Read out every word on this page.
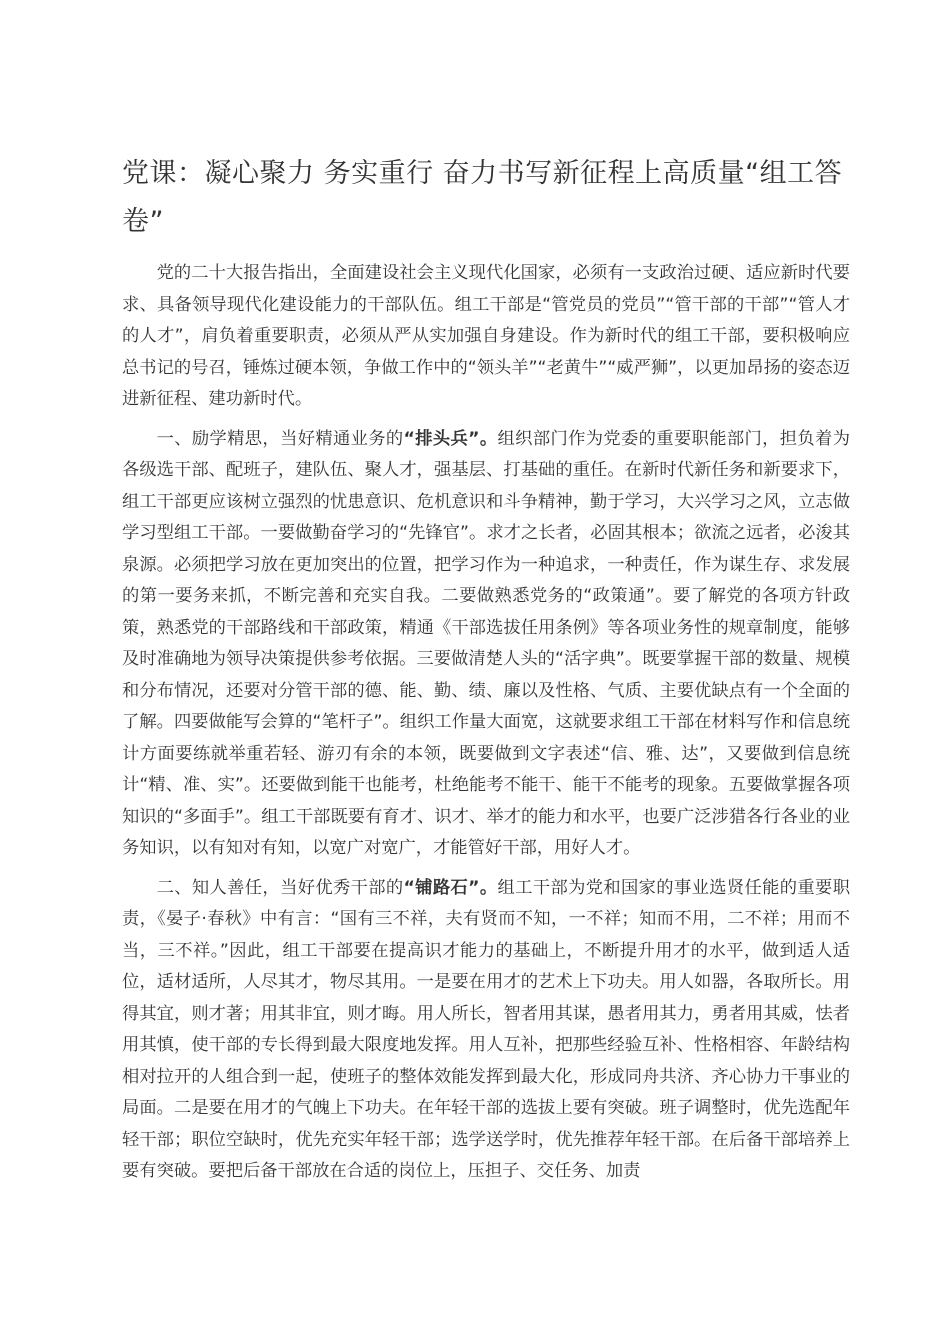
党课：凝心聚力 务实重行 奋力书写新征程上高质量“组工答卷”

党的二十大报告指出，全面建设社会主义现代化国家，必须有一支政治过硬、适应新时代要求、具备领导现代化建设能力的干部队伍。组工干部是“管党员的党员”“管干部的干部”“管人才的人才”，肩负着重要职责，必须从严从实加强自身建设。作为新时代的组工干部，要积极响应总书记的号召，锤炼过硬本领，争做工作中的“领头羊”“老黄牛”“威严狮”，以更加昂扬的姿态迈进新征程、建功新时代。

一、励学精思，当好精通业务的“排头兵”。组织部门作为党委的重要职能部门，担负着为各级选干部、配班子，建队伍、聚人才，强基层、打基础的重任。在新时代新任务和新要求下，组工干部更应该树立强烈的忧患意识、危机意识和斗争精神，勤于学习，大兴学习之风，立志做学习型组工干部。一要做勤奋学习的“先锋官”。求才之长者，必固其根本；欲流之远者，必浚其泉源。必须把学习放在更加突出的位置，把学习作为一种追求，一种责任，作为谋生存、求发展的第一要务来抓，不断完善和充实自我。二要做熟悉党务的“政策通”。要了解党的各项方针政策，熟悉党的干部路线和干部政策，精通《干部选拔任用条例》等各项业务性的规章制度，能够及时准确地为领导决策提供参考依据。三要做清楚人头的“活字典”。既要掌握干部的数量、规模和分布情况，还要对分管干部的德、能、勤、绩、廉以及性格、气质、主要优缺点有一个全面的了解。四要做能写会算的“笔杆子”。组织工作量大面宽，这就要求组工干部在材料写作和信息统计方面要练就举重若轻、游刃有余的本领，既要做到文字表述“信、雅、达”，又要做到信息统计“精、准、实”。还要做到能干也能考，杜绝能考不能干、能干不能考的现象。五要做掌握各项知识的“多面手”。组工干部既要有育才、识才、举才的能力和水平，也要广泛涉猎各行各业的业务知识，以有知对有知，以宽广对宽广，才能管好干部，用好人才。

二、知人善任，当好优秀干部的“铺路石”。组工干部为党和国家的事业选贤任能的重要职责，《晏子·春秋》中有言：“国有三不祥，夫有贤而不知，一不祥；知而不用，二不祥；用而不当，三不祥。”因此，组工干部要在提高识才能力的基础上，不断提升用才的水平，做到适人适位，适材适所，人尽其才，物尽其用。一是要在用才的艺术上下功夫。用人如器，各取所长。用得其宜，则才著；用其非宜，则才晦。用人所长，智者用其谋，愚者用其力，勇者用其威，怯者用其慎，使干部的专长得到最大限度地发挥。用人互补，把那些经验互补、性格相容、年龄结构相对拉开的人组合到一起，使班子的整体效能发挥到最大化，形成同舟共济、齐心协力干事业的局面。二是要在用才的气魄上下功夫。在年轻干部的选拔上要有突破。班子调整时，优先选配年轻干部；职位空缺时，优先充实年轻干部；选学送学时，优先推荐年轻干部。在后备干部培养上要有突破。要把后备干部放在合适的岗位上，压担子、交任务、加责
